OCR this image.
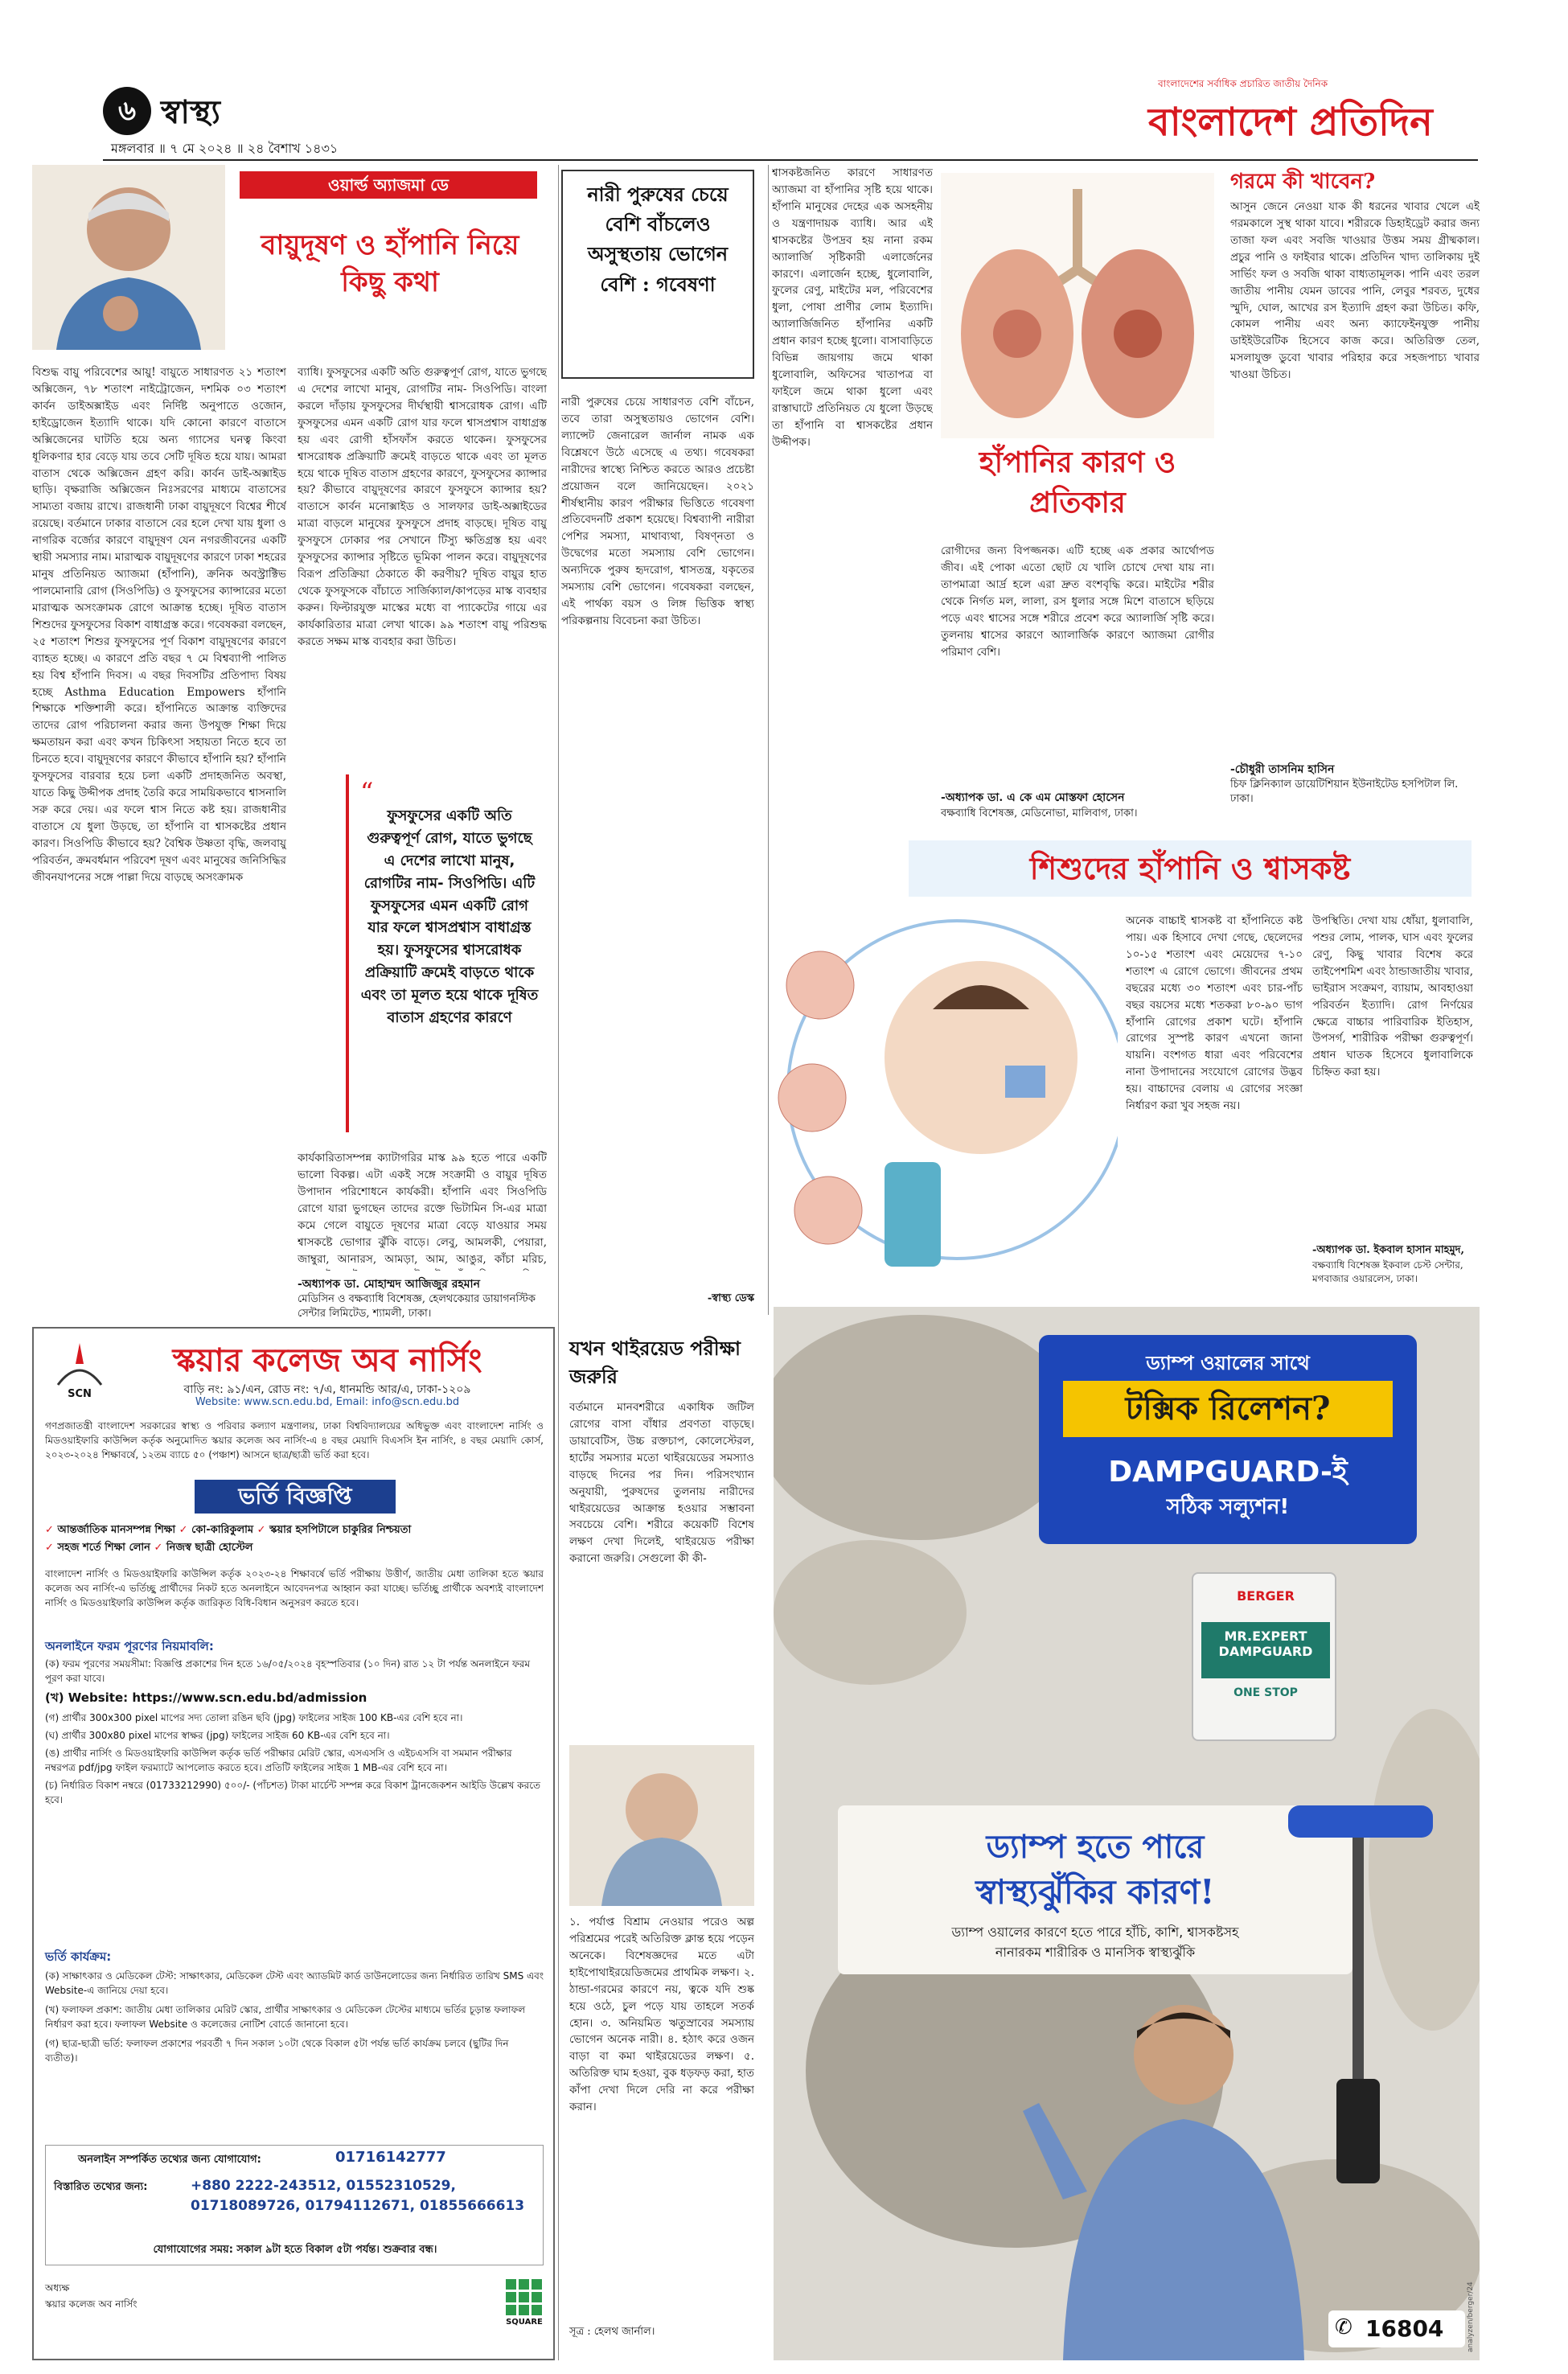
৬ স্বাস্থ্য
মঙ্গলবার ॥ ৭ মে ২০২৪ ॥ ২৪ বৈশাখ ১৪৩১
বাংলাদেশের সর্বাধিক প্রচারিত জাতীয় দৈনিক
বাংলাদেশ প্রতিদিন
ওয়ার্ল্ড অ্যাজমা ডে
বায়ুদূষণ ও হাঁপানি নিয়ে কিছু কথা
ব্যাধি। ফুসফুসের একটি অতি গুরুত্বপূর্ণ রোগ, যাতে ভুগছে এ দেশের লাখো মানুষ, রোগটির নাম- সিওপিডি। বাংলা করলে দাঁড়ায় ফুসফুসের দীর্ঘস্থায়ী শ্বাসরোধক রোগ। এটি ফুসফুসের এমন একটি রোগ যার ফলে শ্বাসপ্রশ্বাস বাধাগ্রস্ত হয় এবং রোগী হাঁসফাঁস করতে থাকেন। ফুসফুসের শ্বাসরোধক প্রক্রিয়াটি ক্রমেই বাড়তে থাকে এবং তা মূলত হয়ে থাকে দূষিত বাতাস গ্রহণের কারণে, ফুসফুসের ক্যান্সার হয়? কীভাবে বায়ুদূষণের কারণে ফুসফুসে ক্যান্সার হয়? বাতাসে কার্বন মনোক্সাইড ও সালফার ডাই-অক্সাইডের মাত্রা বাড়লে মানুষের ফুসফুসে প্রদাহ বাড়ছে। দূষিত বায়ু ফুসফুসে ঢোকার পর সেখানে টিস্যু ক্ষতিগ্রস্ত হয় এবং ফুসফুসের ক্যান্সার সৃষ্টিতে ভূমিকা পালন করে। বায়ুদূষণের বিরূপ প্রতিক্রিয়া ঠেকাতে কী করণীয়? দূষিত বায়ুর হাত থেকে ফুসফুসকে বাঁচাতে সার্জিক্যাল/কাপড়ের মাস্ক ব্যবহার করুন। ফিল্টারযুক্ত মাস্কের মধ্যে বা প্যাকেটের গায়ে এর কার্যকারিতার মাত্রা লেখা থাকে। ৯৯ শতাংশ বায়ু পরিশুদ্ধ করতে সক্ষম মাস্ক ব্যবহার করা উচিত।
বিশুদ্ধ বায়ু পরিবেশের আয়ু! বায়ুতে সাধারণত ২১ শতাংশ অক্সিজেন, ৭৮ শতাংশ নাইট্রোজেন, দশমিক ০৩ শতাংশ কার্বন ডাইঅক্সাইড এবং নির্দিষ্ট অনুপাতে ওজোন, হাইড্রোজেন ইত্যাদি থাকে। যদি কোনো কারণে বাতাসে অক্সিজেনের ঘাটতি হয়ে অন্য গ্যাসের ঘনত্ব কিংবা ধূলিকণার হার বেড়ে যায় তবে সেটি দূষিত হয়ে যায়। আমরা বাতাস থেকে অক্সিজেন গ্রহণ করি। কার্বন ডাই-অক্সাইড ছাড়ি। বৃক্ষরাজি অক্সিজেন নিঃসরণের মাধ্যমে বাতাসের সাম্যতা বজায় রাখে। রাজধানী ঢাকা বায়ুদূষণে বিশ্বের শীর্ষে রয়েছে। বর্তমানে ঢাকার বাতাসে বের হলে দেখা যায় ধুলা ও নাগরিক বর্জ্যের কারণে বায়ুদূষণ যেন নগরজীবনের একটি স্থায়ী সমস্যার নাম। মারাত্মক বায়ুদূষণের কারণে ঢাকা শহরের মানুষ প্রতিনিয়ত অ্যাজমা (হাঁপানি), ক্রনিক অবস্ট্রাক্টিভ পালমোনারি রোগ (সিওপিডি) ও ফুসফুসের ক্যান্সারের মতো মারাত্মক অসংক্রামক রোগে আক্রান্ত হচ্ছে। দূষিত বাতাস শিশুদের ফুসফুসের বিকাশ বাধাগ্রস্ত করে। গবেষকরা বলছেন, ২৫ শতাংশ শিশুর ফুসফুসের পূর্ণ বিকাশ বায়ুদূষণের কারণে ব্যাহত হচ্ছে। এ কারণে প্রতি বছর ৭ মে বিশ্বব্যাপী পালিত হয় বিশ্ব হাঁপানি দিবস। এ বছর দিবসটির প্রতিপাদ্য বিষয় হচ্ছে Asthma Education Empowers হাঁপানি শিক্ষাকে শক্তিশালী করে। হাঁপানিতে আক্রান্ত ব্যক্তিদের তাদের রোগ পরিচালনা করার জন্য উপযুক্ত শিক্ষা দিয়ে ক্ষমতায়ন করা এবং কখন চিকিৎসা সহায়তা নিতে হবে তা চিনতে হবে। বায়ুদূষণের কারণে কীভাবে হাঁপানি হয়? হাঁপানি ফুসফুসের বারবার হয়ে চলা একটি প্রদাহজনিত অবস্থা, যাতে কিছু উদ্দীপক প্রদাহ তৈরি করে সাময়িকভাবে শ্বাসনালি সরু করে দেয়। এর ফলে শ্বাস নিতে কষ্ট হয়। রাজধানীর বাতাসে যে ধুলা উড়ছে, তা হাঁপানি বা শ্বাসকষ্টের প্রধান কারণ। সিওপিডি কীভাবে হয়? বৈশ্বিক উষ্ণতা বৃদ্ধি, জলবায়ু পরিবর্তন, ক্রমবর্ধমান পরিবেশ দূষণ এবং মানুষের জনিসিদ্ধির জীবনযাপনের সঙ্গে পাল্লা দিয়ে বাড়ছে অসংক্রামক
“
ফুসফুসের একটি অতি গুরুত্বপূর্ণ রোগ, যাতে ভুগছে এ দেশের লাখো মানুষ, রোগটির নাম- সিওপিডি। এটি ফুসফুসের এমন একটি রোগ যার ফলে শ্বাসপ্রশ্বাস বাধাগ্রস্ত হয়। ফুসফুসের শ্বাসরোধক প্রক্রিয়াটি ক্রমেই বাড়তে থাকে এবং তা মূলত হয়ে থাকে দূষিত বাতাস গ্রহণের কারণে
কার্যকারিতাসম্পন্ন ক্যাটাগরির মাস্ক ৯৯ হতে পারে একটি ভালো বিকল্প। এটা একই সঙ্গে সংক্রামী ও বায়ুর দূষিত উপাদান পরিশোধনে কার্যকরী। হাঁপানি এবং সিওপিডি রোগে যারা ভুগছেন তাদের রক্তে ভিটামিন সি-এর মাত্রা কমে গেলে বায়ুতে দূষণের মাত্রা বেড়ে যাওয়ার সময় শ্বাসকষ্টে ভোগার ঝুঁকি বাড়ে। লেবু, আমলকী, পেয়ারা, জাম্বুরা, আনারস, আমড়া, আম, আঙুর, কাঁচা মরিচ,
-অধ্যাপক ডা. মোহাম্মদ আজিজুর রহমান
মেডিসিন ও বক্ষব্যাধি বিশেষজ্ঞ, হেলথকেয়ার ডায়াগনস্টিক সেন্টার লিমিটেড, শ্যামলী, ঢাকা।
নারী পুরুষের চেয়ে বেশি বাঁচলেও অসুস্থতায় ভোগেন বেশি : গবেষণা
নারী পুরুষের চেয়ে সাধারণত বেশি বাঁচেন, তবে তারা অসুস্থতায়ও ভোগেন বেশি। ল্যান্সেট জেনারেল জার্নাল নামক এক বিশ্লেষণে উঠে এসেছে এ তথ্য। গবেষকরা নারীদের স্বাস্থ্যে নিশ্চিত করতে আরও প্রচেষ্টা প্রয়োজন বলে জানিয়েছেন। ২০২১ শীর্ষস্থানীয় কারণ পরীক্ষার ভিত্তিতে গবেষণা প্রতিবেদনটি প্রকাশ হয়েছে। বিশ্বব্যাপী নারীরা পেশির সমস্যা, মাথাব্যথা, বিষণ্নতা ও উদ্বেগের মতো সমস্যায় বেশি ভোগেন। অন্যদিকে পুরুষ হৃদরোগ, শ্বাসতন্ত্র, যকৃতের সমস্যায় বেশি ভোগেন। গবেষকরা বলছেন, এই পার্থক্য বয়স ও লিঙ্গ ভিত্তিক স্বাস্থ্য পরিকল্পনায় বিবেচনা করা উচিত।
-স্বাস্থ্য ডেস্ক
শ্বাসকষ্টজনিত কারণে সাধারণত অ্যাজমা বা হাঁপানির সৃষ্টি হয়ে থাকে। হাঁপানি মানুষের দেহের এক অসহনীয় ও যন্ত্রণাদায়ক ব্যাধি। আর এই শ্বাসকষ্টের উপদ্রব হয় নানা রকম অ্যালার্জি সৃষ্টিকারী এলার্জেনের কারণে। এলার্জেন হচ্ছে, ধুলোবালি, ফুলের রেণু, মাইটের মল, পরিবেশের ধুলা, পোষা প্রাণীর লোম ইত্যাদি। অ্যালার্জিজনিত হাঁপানির একটি প্রধান কারণ হচ্ছে ধুলো। বাসাবাড়িতে বিভিন্ন জায়গায় জমে থাকা ধুলোবালি, অফিসের খাতাপত্র বা ফাইলে জমে থাকা ধুলো এবং রাস্তাঘাটে প্রতিনিয়ত যে ধুলো উড়ছে তা হাঁপানি বা শ্বাসকষ্টের প্রধান উদ্দীপক।
হাঁপানির কারণ ও প্রতিকার
রোগীদের জন্য বিপজ্জনক। এটি হচ্ছে এক প্রকার আর্থোপড জীব। এই পোকা এতো ছোট যে খালি চোখে দেখা যায় না। তাপমাত্রা আর্দ্র হলে এরা দ্রুত বংশবৃদ্ধি করে। মাইটের শরীর থেকে নির্গত মল, লালা, রস ধুলার সঙ্গে মিশে বাতাসে ছড়িয়ে পড়ে এবং শ্বাসের সঙ্গে শরীরে প্রবেশ করে অ্যালার্জি সৃষ্টি করে। তুলনায় শ্বাসের কারণে অ্যালার্জিক কারণে অ্যাজমা রোগীর পরিমাণ বেশি।
-অধ্যাপক ডা. এ কে এম মোস্তফা হোসেন
বক্ষব্যাধি বিশেষজ্ঞ, মেডিনোভা, মালিবাগ, ঢাকা।
গরমে কী খাবেন?
আসুন জেনে নেওয়া যাক কী ধরনের খাবার খেলে এই গরমকালে সুস্থ থাকা যাবে। শরীরকে ডিহাইড্রেট করার জন্য তাজা ফল এবং সবজি খাওয়ার উত্তম সময় গ্রীষ্মকাল। প্রচুর পানি ও ফাইবার থাকে। প্রতিদিন খাদ্য তালিকায় দুই সার্ভিং ফল ও সবজি থাকা বাধ্যতামূলক। পানি এবং তরল জাতীয় পানীয় যেমন ডাবের পানি, লেবুর শরবত, দুধের স্মুদি, ঘোল, আখের রস ইত্যাদি গ্রহণ করা উচিত। কফি, কোমল পানীয় এবং অন্য ক্যাফেইনযুক্ত পানীয় ডাইইউরেটিক হিসেবে কাজ করে। অতিরিক্ত তেল, মসলাযুক্ত ডুবো খাবার পরিহার করে সহজপাচ্য খাবার খাওয়া উচিত।
-চৌধুরী তাসনিম হাসিন
চিফ ক্লিনিক্যাল ডায়েটিশিয়ান ইউনাইটেড হসপিটাল লি. ঢাকা।
শিশুদের হাঁপানি ও শ্বাসকষ্ট
অনেক বাচ্চাই শ্বাসকষ্ট বা হাঁপানিতে কষ্ট পায়। এক হিসাবে দেখা গেছে, ছেলেদের ১০-১৫ শতাংশ এবং মেয়েদের ৭-১০ শতাংশ এ রোগে ভোগে। জীবনের প্রথম বছরের মধ্যে ৩০ শতাংশ এবং চার-পাঁচ বছর বয়সের মধ্যে শতকরা ৮০-৯০ ভাগ হাঁপানি রোগের প্রকাশ ঘটে। হাঁপানি রোগের সুস্পষ্ট কারণ এখনো জানা যায়নি। বংশগত ধারা এবং পরিবেশের নানা উপাদানের সংযোগে রোগের উদ্ভব হয়। বাচ্চাদের বেলায় এ রোগের সংজ্ঞা নির্ধারণ করা খুব সহজ নয়।
উপস্থিতি। দেখা যায় ধোঁয়া, ধুলাবালি, পশুর লোম, পালক, ঘাস এবং ফুলের রেণু, কিছু খাবার বিশেষ করে তাইপেশমিশ এবং ঠান্ডাজাতীয় খাবার, ভাইরাস সংক্রমণ, ব্যায়াম, আবহাওয়া পরিবর্তন ইত্যাদি। রোগ নির্ণয়ের ক্ষেত্রে বাচ্চার পারিবারিক ইতিহাস, উপসর্গ, শারীরিক পরীক্ষা গুরুত্বপূর্ণ। প্রধান ঘাতক হিসেবে ধুলাবালিকে চিহ্নিত করা হয়।
-অধ্যাপক ডা. ইকবাল হাসান মাহমুদ,
বক্ষব্যাধি বিশেষজ্ঞ ইকবাল চেস্ট সেন্টার, মগবাজার ওয়ারলেস, ঢাকা।
যখন থাইরয়েড পরীক্ষা জরুরি
বর্তমানে মানবশরীরে একাধিক জটিল রোগের বাসা বাঁধার প্রবণতা বাড়ছে। ডায়াবেটিস, উচ্চ রক্তচাপ, কোলেস্টেরল, হার্টের সমস্যার মতো থাইরয়েডের সমস্যাও বাড়ছে দিনের পর দিন। পরিসংখ্যান অনুযায়ী, পুরুষদের তুলনায় নারীদের থাইরয়েডের আক্রান্ত হওয়ার সম্ভাবনা সবচেয়ে বেশি। শরীরে কয়েকটি বিশেষ লক্ষণ দেখা দিলেই, থাইরয়েড পরীক্ষা করানো জরুরি। সেগুলো কী কী-
১. পর্যাপ্ত বিশ্রাম নেওয়ার পরেও অল্প পরিশ্রমের পরেই অতিরিক্ত ক্লান্ত হয়ে পড়েন অনেকে। বিশেষজ্ঞদের মতে এটা হাইপোথাইরয়েডিজমের প্রাথমিক লক্ষণ। ২. ঠান্ডা-গরমের কারণে নয়, ত্বকে যদি শুষ্ক হয়ে ওঠে, চুল পড়ে যায় তাহলে সতর্ক হোন। ৩. অনিয়মিত ঋতুস্রাবের সমস্যায় ভোগেন অনেক নারী। ৪. হঠাৎ করে ওজন বাড়া বা কমা থাইরয়েডের লক্ষণ। ৫. অতিরিক্ত ঘাম হওয়া, বুক ধড়ফড় করা, হাত কাঁপা দেখা দিলে দেরি না করে পরীক্ষা করান।
সূত্র : হেলথ জার্নাল।
SCN
স্কয়ার কলেজ অব নার্সিং
বাড়ি নং: ৯১/এন, রোড নং: ৭/এ, ধানমন্ডি আর/এ, ঢাকা-১২০৯
Website: www.scn.edu.bd, Email: info@scn.edu.bd
গণপ্রজাতন্ত্রী বাংলাদেশ সরকারের স্বাস্থ্য ও পরিবার কল্যাণ মন্ত্রণালয়, ঢাকা বিশ্ববিদ্যালয়ের অধিভুক্ত এবং বাংলাদেশ নার্সিং ও মিডওয়াইফারি কাউন্সিল কর্তৃক অনুমোদিত স্কয়ার কলেজ অব নার্সিং-এ ৪ বছর মেয়াদি বিএসসি ইন নার্সিং, ৪ বছর মেয়াদি কোর্স, ২০২৩-২০২৪ শিক্ষাবর্ষে, ১২তম ব্যাচে ৫০ (পঞ্চাশ) আসনে ছাত্র/ছাত্রী ভর্তি করা হবে।
ভর্তি বিজ্ঞপ্তি
✓ আন্তর্জাতিক মানসম্পন্ন শিক্ষা ✓ কো-কারিকুলাম ✓ স্কয়ার হসপিটালে চাকুরির নিশ্চয়তা
✓ সহজ শর্তে শিক্ষা লোন ✓ নিজস্ব ছাত্রী হোস্টেল
বাংলাদেশ নার্সিং ও মিডওয়াইফারি কাউন্সিল কর্তৃক ২০২৩-২৪ শিক্ষাবর্ষে ভর্তি পরীক্ষায় উত্তীর্ণ, জাতীয় মেধা তালিকা হতে স্কয়ার কলেজ অব নার্সিং-এ ভর্তিচ্ছু প্রার্থীদের নিকট হতে অনলাইনে আবেদনপত্র আহ্বান করা যাচ্ছে। ভর্তিচ্ছু প্রার্থীকে অবশ্যই বাংলাদেশ নার্সিং ও মিডওয়াইফারি কাউন্সিল কর্তৃক জারিকৃত বিধি-বিধান অনুসরণ করতে হবে।
অনলাইনে ফরম পূরণের নিয়মাবলি:
(ক) ফরম পূরণের সময়সীমা: বিজ্ঞপ্তি প্রকাশের দিন হতে ১৬/০৫/২০২৪ বৃহস্পতিবার (১০ দিন) রাত ১২ টা পর্যন্ত অনলাইনে ফরম পূরণ করা যাবে।
(খ) Website: https://www.scn.edu.bd/admission
(গ) প্রার্থীর 300x300 pixel মাপের সদ্য তোলা রঙিন ছবি (jpg) ফাইলের সাইজ 100 KB-এর বেশি হবে না।
(ঘ) প্রার্থীর 300x80 pixel মাপের স্বাক্ষর (jpg) ফাইলের সাইজ 60 KB-এর বেশি হবে না।
(ঙ) প্রার্থীর নার্সিং ও মিডওয়াইফারি কাউন্সিল কর্তৃক ভর্তি পরীক্ষার মেরিট স্কোর, এসএসসি ও এইচএসসি বা সমমান পরীক্ষার নম্বরপত্র pdf/jpg ফাইল ফরম্যাটে আপলোড করতে হবে। প্রতিটি ফাইলের সাইজ 1 MB-এর বেশি হবে না।
(চ) নির্ধারিত বিকাশ নম্বরে (01733212990) ৫০০/- (পাঁচশত) টাকা মার্চেন্ট সম্পন্ন করে বিকাশ ট্রানজেকশন আইডি উল্লেখ করতে হবে।
ভর্তি কার্যক্রম:
(ক) সাক্ষাৎকার ও মেডিকেল টেস্ট: সাক্ষাৎকার, মেডিকেল টেস্ট এবং অ্যাডমিট কার্ড ডাউনলোডের জন্য নির্ধারিত তারিখ SMS এবং Website-এ জানিয়ে দেয়া হবে।
(খ) ফলাফল প্রকাশ: জাতীয় মেধা তালিকার মেরিট স্কোর, প্রার্থীর সাক্ষাৎকার ও মেডিকেল টেস্টের মাধ্যমে ভর্তির চূড়ান্ত ফলাফল নির্ধারণ করা হবে। ফলাফল Website ও কলেজের নোটিশ বোর্ডে জানানো হবে।
(গ) ছাত্র-ছাত্রী ভর্তি: ফলাফল প্রকাশের পরবর্তী ৭ দিন সকাল ১০টা থেকে বিকাল ৫টা পর্যন্ত ভর্তি কার্যক্রম চলবে (ছুটির দিন ব্যতীত)।
অনলাইন সম্পর্কিত তথ্যের জন্য যোগাযোগ:	01716142777
বিস্তারিত তথ্যের জন্য:	+880 2222-243512, 01552310529, 01718089726, 01794112671, 01855666613
যোগাযোগের সময়: সকাল ৯টা হতে বিকাল ৫টা পর্যন্ত। শুক্রবার বন্ধ।
অধ্যক্ষ
স্কয়ার কলেজ অব নার্সিং
SQUARE
ড্যাম্প ওয়ালের সাথে
টক্সিক রিলেশন?
DAMPGUARD-ই
সঠিক সল্যুশন!
BERGER
MR.EXPERT DAMPGUARD
ONE STOP
ড্যাম্প হতে পারে
স্বাস্থ্যঝুঁকির কারণ!
ড্যাম্প ওয়ালের কারণে হতে পারে হাঁচি, কাশি, শ্বাসকষ্টসহ
নানারকম শারীরিক ও মানসিক স্বাস্থ্যঝুঁকি
✆ 16804	analyzen/berger/24
